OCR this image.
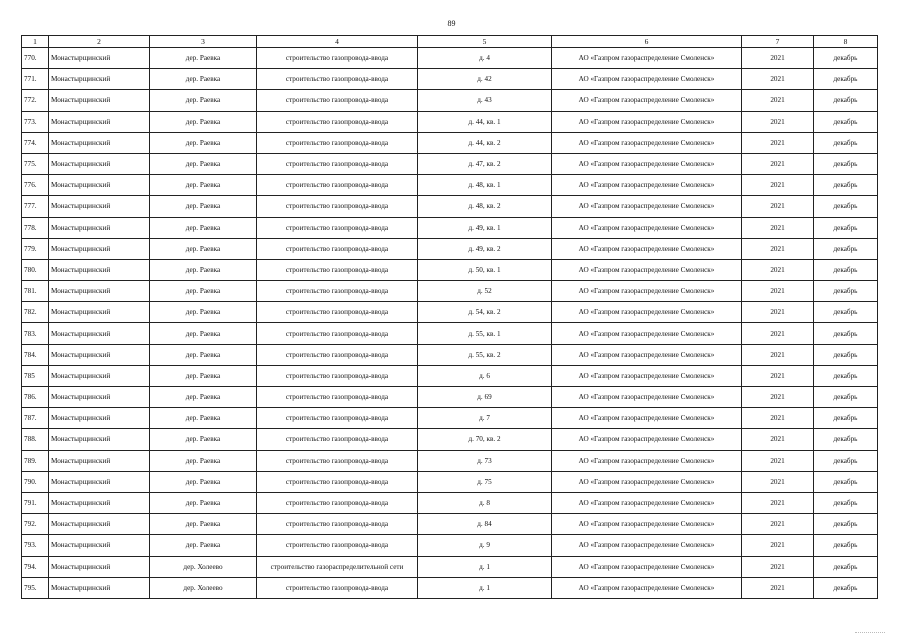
89
1	2	3	4	5	6	7	8
770.	Монастырщинский	дер. Раевка	строительство газопровода-ввода	д. 4	АО «Газпром газораспределение Смоленск»	2021	декабрь
771.	Монастырщинский	дер. Раевка	строительство газопровода-ввода	д. 42	АО «Газпром газораспределение Смоленск»	2021	декабрь
772.	Монастырщинский	дер. Раевка	строительство газопровода-ввода	д. 43	АО «Газпром газораспределение Смоленск»	2021	декабрь
773.	Монастырщинский	дер. Раевка	строительство газопровода-ввода	д. 44, кв. 1	АО «Газпром газораспределение Смоленск»	2021	декабрь
774.	Монастырщинский	дер. Раевка	строительство газопровода-ввода	д. 44, кв. 2	АО «Газпром газораспределение Смоленск»	2021	декабрь
775.	Монастырщинский	дер. Раевка	строительство газопровода-ввода	д. 47, кв. 2	АО «Газпром газораспределение Смоленск»	2021	декабрь
776.	Монастырщинский	дер. Раевка	строительство газопровода-ввода	д. 48, кв. 1	АО «Газпром газораспределение Смоленск»	2021	декабрь
777.	Монастырщинский	дер. Раевка	строительство газопровода-ввода	д. 48, кв. 2	АО «Газпром газораспределение Смоленск»	2021	декабрь
778.	Монастырщинский	дер. Раевка	строительство газопровода-ввода	д. 49, кв. 1	АО «Газпром газораспределение Смоленск»	2021	декабрь
779.	Монастырщинский	дер. Раевка	строительство газопровода-ввода	д. 49, кв. 2	АО «Газпром газораспределение Смоленск»	2021	декабрь
780.	Монастырщинский	дер. Раевка	строительство газопровода-ввода	д. 50, кв. 1	АО «Газпром газораспределение Смоленск»	2021	декабрь
781.	Монастырщинский	дер. Раевка	строительство газопровода-ввода	д. 52	АО «Газпром газораспределение Смоленск»	2021	декабрь
782.	Монастырщинский	дер. Раевка	строительство газопровода-ввода	д. 54, кв. 2	АО «Газпром газораспределение Смоленск»	2021	декабрь
783.	Монастырщинский	дер. Раевка	строительство газопровода-ввода	д. 55, кв. 1	АО «Газпром газораспределение Смоленск»	2021	декабрь
784.	Монастырщинский	дер. Раевка	строительство газопровода-ввода	д. 55, кв. 2	АО «Газпром газораспределение Смоленск»	2021	декабрь
785	Монастырщинский	дер. Раевка	строительство газопровода-ввода	д. 6	АО «Газпром газораспределение Смоленск»	2021	декабрь
786.	Монастырщинский	дер. Раевка	строительство газопровода-ввода	д. 69	АО «Газпром газораспределение Смоленск»	2021	декабрь
787.	Монастырщинский	дер. Раевка	строительство газопровода-ввода	д. 7	АО «Газпром газораспределение Смоленск»	2021	декабрь
788.	Монастырщинский	дер. Раевка	строительство газопровода-ввода	д. 70, кв. 2	АО «Газпром газораспределение Смоленск»	2021	декабрь
789.	Монастырщинский	дер. Раевка	строительство газопровода-ввода	д. 73	АО «Газпром газораспределение Смоленск»	2021	декабрь
790.	Монастырщинский	дер. Раевка	строительство газопровода-ввода	д. 75	АО «Газпром газораспределение Смоленск»	2021	декабрь
791.	Монастырщинский	дер. Раевка	строительство газопровода-ввода	д. 8	АО «Газпром газораспределение Смоленск»	2021	декабрь
792.	Монастырщинский	дер. Раевка	строительство газопровода-ввода	д. 84	АО «Газпром газораспределение Смоленск»	2021	декабрь
793.	Монастырщинский	дер. Раевка	строительство газопровода-ввода	д. 9	АО «Газпром газораспределение Смоленск»	2021	декабрь
794.	Монастырщинский	дер. Холеево	строительство газораспределительной сети	д. 1	АО «Газпром газораспределение Смоленск»	2021	декабрь
795.	Монастырщинский	дер. Холеево	строительство газопровода-ввода	д. 1	АО «Газпром газораспределение Смоленск»	2021	декабрь
